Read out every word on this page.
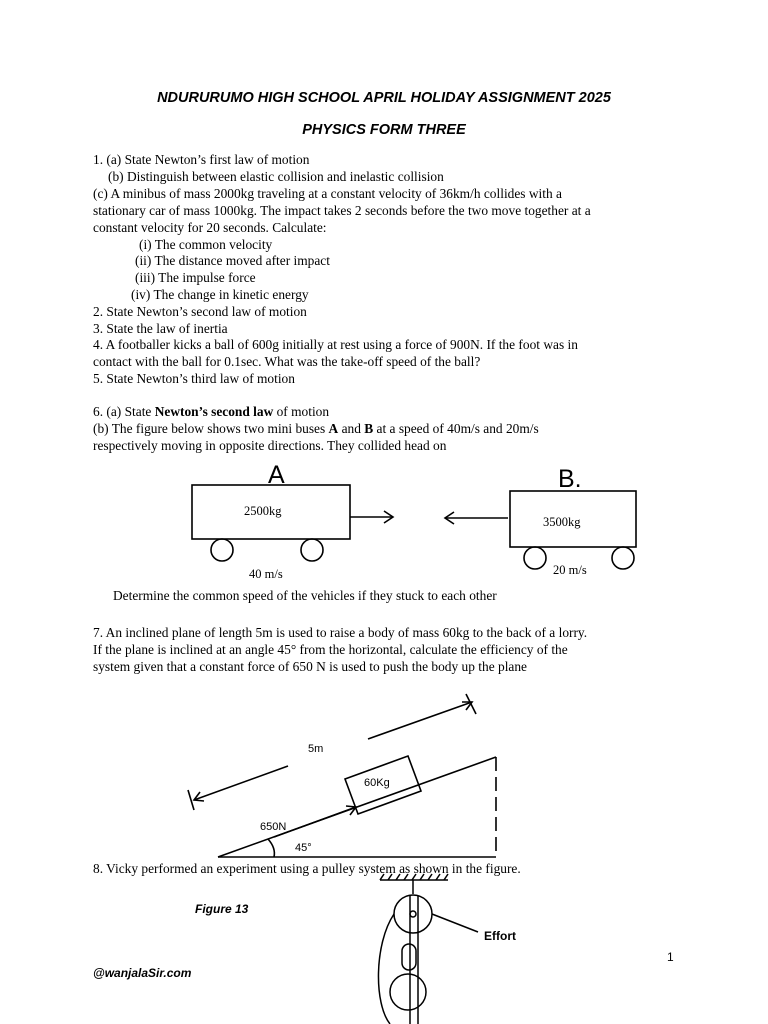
NDURURUMO HIGH SCHOOL APRIL HOLIDAY ASSIGNMENT 2025
PHYSICS FORM THREE
1. (a) State Newton’s first law of motion
(b) Distinguish between elastic collision and inelastic collision
(c) A minibus of mass 2000kg traveling at a constant velocity of 36km/h collides with a
stationary car of mass 1000kg. The impact takes 2 seconds before the two move together at a
constant velocity for 20 seconds. Calculate:
(i) The common velocity
(ii) The distance moved after impact
(iii) The impulse force
(iv) The change in kinetic energy
2. State Newton’s second law of motion
3. State the law of inertia
4. A footballer kicks a ball of 600g initially at rest using a force of 900N. If the foot was in
contact with the ball for 0.1sec. What was the take-off speed of the ball?
5. State Newton’s third law of motion
6. (a) State Newton’s second law of motion
(b) The figure below shows two mini buses A and B at a speed of 40m/s and 20m/s
respectively moving in opposite directions. They collided head on
A	B.
2500kg
3500kg
40 m/s	20 m/s
Determine the common speed of the vehicles if they stuck to each other
7. An inclined plane of length 5m is used to raise a body of mass 60kg to the back of a lorry.
If the plane is inclined at an angle 45° from the horizontal, calculate the efficiency of the
system given that a constant force of 650 N is used to push the body up the plane
5m
60Kg
650N
45°
8. Vicky performed an experiment using a pulley system as shown in the figure.
Figure 13
Effort
@wanjalaSir.com
1
